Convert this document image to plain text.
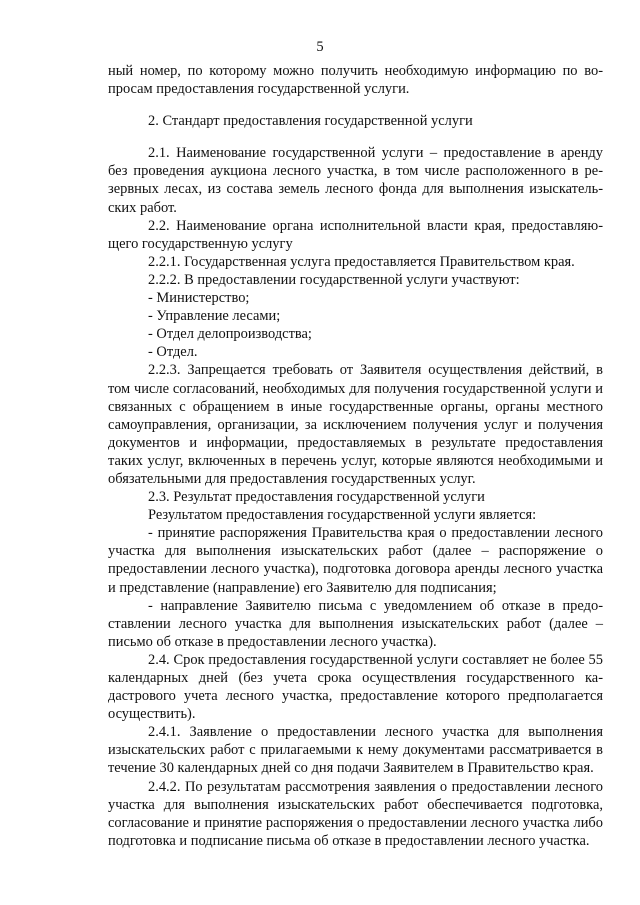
5

ный номер, по которому можно получить необходимую информацию по вопросам предоставления государственной услуги.

2. Стандарт предоставления государственной услуги

2.1. Наименование государственной услуги – предоставление в аренду без проведения аукциона лесного участка, в том числе расположенного в резервных лесах, из состава земель лесного фонда для выполнения изыскательских работ.

2.2. Наименование органа исполнительной власти края, предоставляющего государственную услугу

2.2.1. Государственная услуга предоставляется Правительством края.

2.2.2. В предоставлении государственной услуги участвуют:

- Министерство;

- Управление лесами;

- Отдел делопроизводства;

- Отдел.

2.2.3. Запрещается требовать от Заявителя осуществления действий, в том числе согласований, необходимых для получения государственной услуги и связанных с обращением в иные государственные органы, органы местного самоуправления, организации, за исключением получения услуг и получения документов и информации, предоставляемых в результате предоставления таких услуг, включенных в перечень услуг, которые являются необходимыми и обязательными для предоставления государственных услуг.

2.3. Результат предоставления государственной услуги

Результатом предоставления государственной услуги является:

- принятие распоряжения Правительства края о предоставлении лесного участка для выполнения изыскательских работ (далее – распоряжение о предоставлении лесного участка), подготовка договора аренды лесного участка и представление (направление) его Заявителю для подписания;

- направление Заявителю письма с уведомлением об отказе в предоставлении лесного участка для выполнения изыскательских работ (далее – письмо об отказе в предоставлении лесного участка).

2.4. Срок предоставления государственной услуги составляет не более 55 календарных дней (без учета срока осуществления государственного кадастрового учета лесного участка, предоставление которого предполагается осуществить).

2.4.1. Заявление о предоставлении лесного участка для выполнения изыскательских работ с прилагаемыми к нему документами рассматривается в течение 30 календарных дней со дня подачи Заявителем в Правительство края.

2.4.2. По результатам рассмотрения заявления о предоставлении лесного участка для выполнения изыскательских работ обеспечивается подготовка, согласование и принятие распоряжения о предоставлении лесного участка либо подготовка и подписание письма об отказе в предоставлении лесного участка.
